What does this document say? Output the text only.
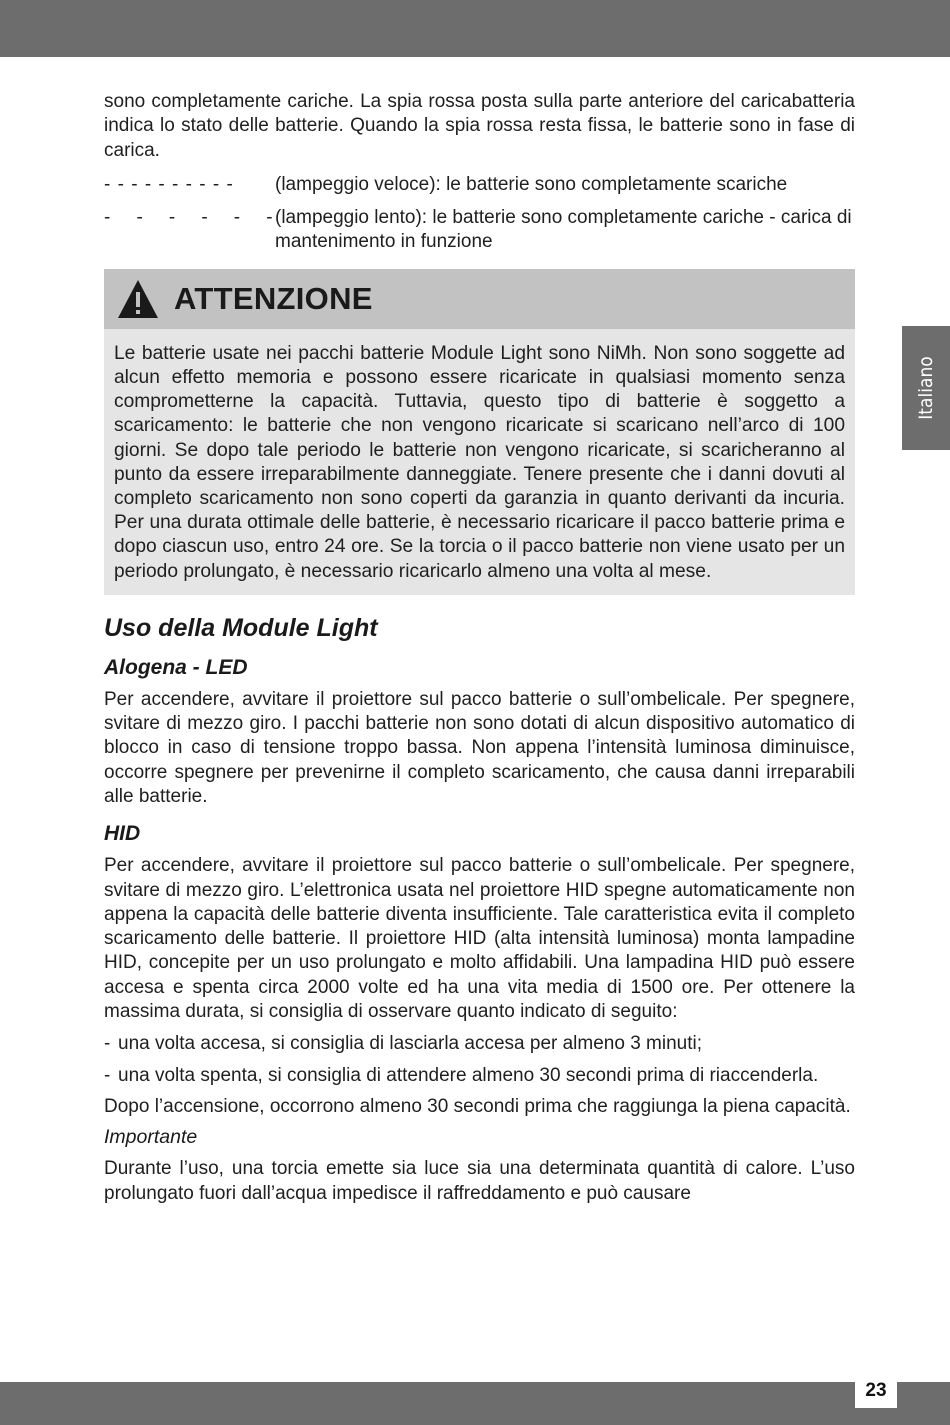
Italiano

sono completamente cariche. La spia rossa posta sulla parte anteriore del caricabatteria indica lo stato delle batterie. Quando la spia rossa resta fissa, le batterie sono in fase di carica.

- - - - - - - - - -	(lampeggio veloce): le batterie sono completamente scariche
-    -    -    -    -    - (lampeggio lento): le batterie sono completamente cariche - carica di mantenimento in funzione
ATTENZIONE

Le batterie usate nei pacchi batterie Module Light sono NiMh. Non sono soggette ad alcun effetto memoria e possono essere ricaricate in qualsiasi momento senza comprometterne la capacità. Tuttavia, questo tipo di batterie è soggetto a scaricamento: le batterie che non vengono ricaricate si scaricano nell’arco di 100 giorni. Se dopo tale periodo le batterie non vengono ricaricate, si scaricheranno al punto da essere irreparabilmente danneggiate. Tenere presente che i danni dovuti al completo scaricamento non sono coperti da garanzia in quanto derivanti da incuria. Per una durata ottimale delle batterie, è necessario ricaricare il pacco batterie prima e dopo ciascun uso, entro 24 ore. Se la torcia o il pacco batterie non viene usato per un periodo prolungato, è necessario ricaricarlo almeno una volta al mese.

Uso della Module Light
Alogena - LED

Per accendere, avvitare il proiettore sul pacco batterie o sull’ombelicale. Per spegnere, svitare di mezzo giro. I pacchi batterie non sono dotati di alcun dispositivo automatico di blocco in caso di tensione troppo bassa. Non appena l’intensità luminosa diminuisce, occorre spegnere per prevenirne il completo scaricamento, che causa danni irreparabili alle batterie.

HID

Per accendere, avvitare il proiettore sul pacco batterie o sull’ombelicale. Per spegnere, svitare di mezzo giro. L’elettronica usata nel proiettore HID spegne automaticamente non appena la capacità delle batterie diventa insufficiente. Tale caratteristica evita il completo scaricamento delle batterie. Il proiettore HID (alta intensità luminosa) monta lampadine HID, concepite per un uso prolungato e molto affidabili. Una lampadina HID può essere accesa e spenta circa 2000 volte ed ha una vita media di 1500 ore. Per ottenere la massima durata, si consiglia di osservare quanto indicato di seguito:

- una volta accesa, si consiglia di lasciarla accesa per almeno 3 minuti;
- una volta spenta, si consiglia di attendere almeno 30 secondi prima di riaccenderla.

Dopo l’accensione, occorrono almeno 30 secondi prima che raggiunga la piena capacità.

Importante

Durante l’uso, una torcia emette sia luce sia una determinata quantità di calore. L’uso prolungato fuori dall’acqua impedisce il raffreddamento e può causare

23
